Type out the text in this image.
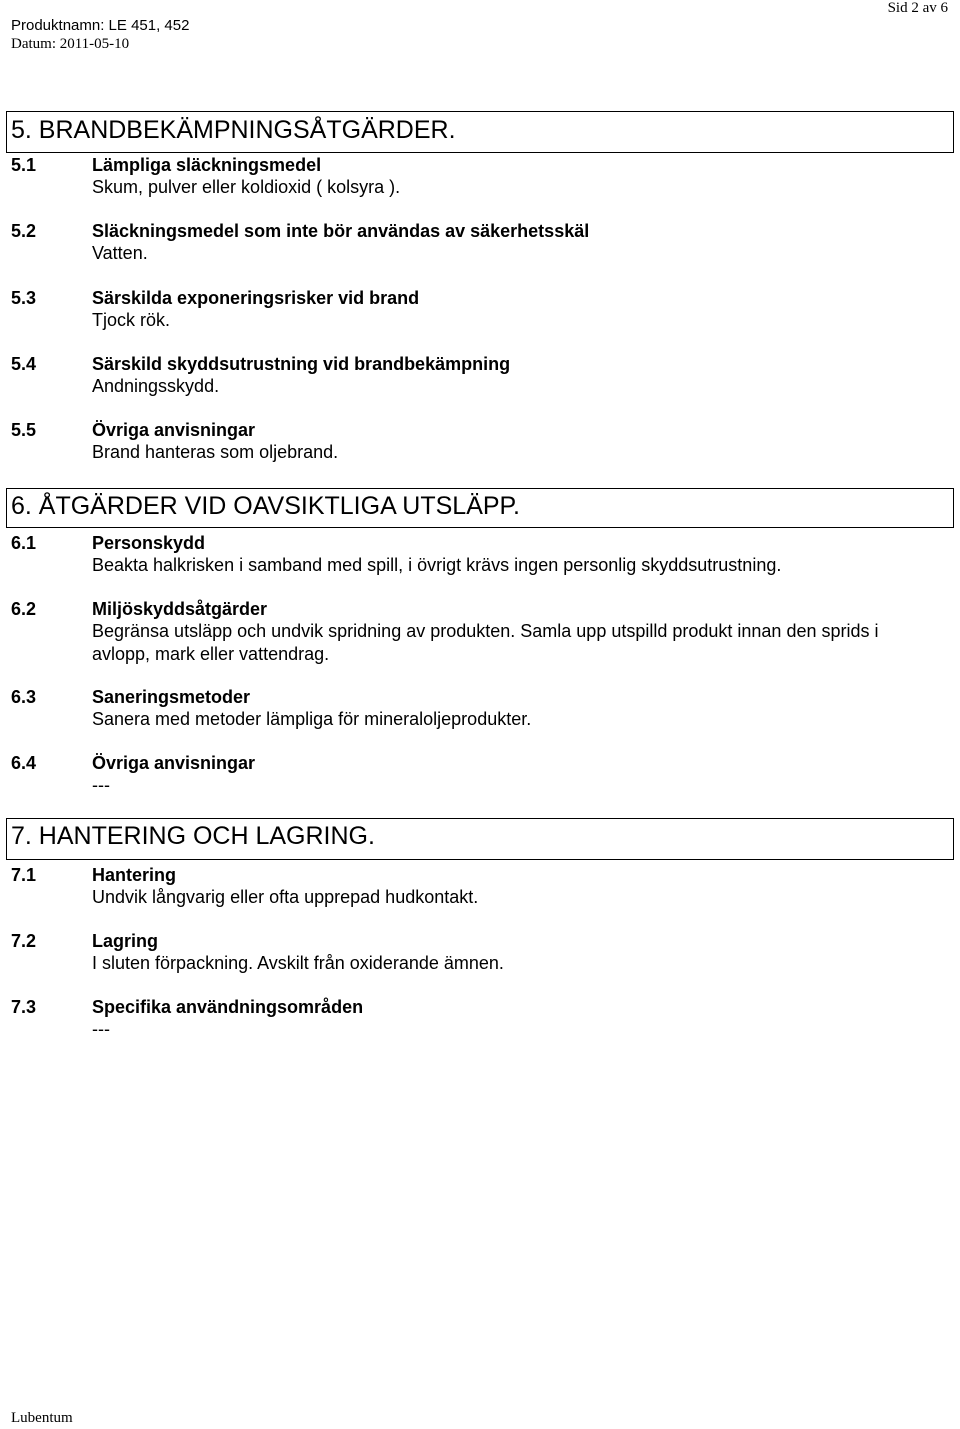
Sid 2 av 6
Produktnamn: LE 451, 452
Datum: 2011-05-10
5. BRANDBEKÄMPNINGSÅTGÄRDER.
5.1	Lämpliga släckningsmedel
Skum, pulver eller koldioxid ( kolsyra ).
5.2	Släckningsmedel som inte bör användas av säkerhetsskäl
Vatten.
5.3	Särskilda exponeringsrisker vid brand
Tjock rök.
5.4	Särskild skyddsutrustning vid brandbekämpning
Andningsskydd.
5.5	Övriga anvisningar
Brand hanteras som oljebrand.
6. ÅTGÄRDER VID OAVSIKTLIGA UTSLÄPP.
6.1	Personskydd
Beakta halkrisken i samband med spill, i övrigt krävs ingen personlig skyddsutrustning.
6.2	Miljöskyddsåtgärder
Begränsa utsläpp och undvik spridning av produkten. Samla upp utspilld produkt innan den sprids i avlopp, mark eller vattendrag.
6.3	Saneringsmetoder
Sanera med metoder lämpliga för mineraloljeprodukter.
6.4	Övriga anvisningar
---
7. HANTERING OCH LAGRING.
7.1	Hantering
Undvik långvarig eller ofta upprepad hudkontakt.
7.2	Lagring
I sluten förpackning. Avskilt från oxiderande ämnen.
7.3	Specifika användningsområden
---
Lubentum
